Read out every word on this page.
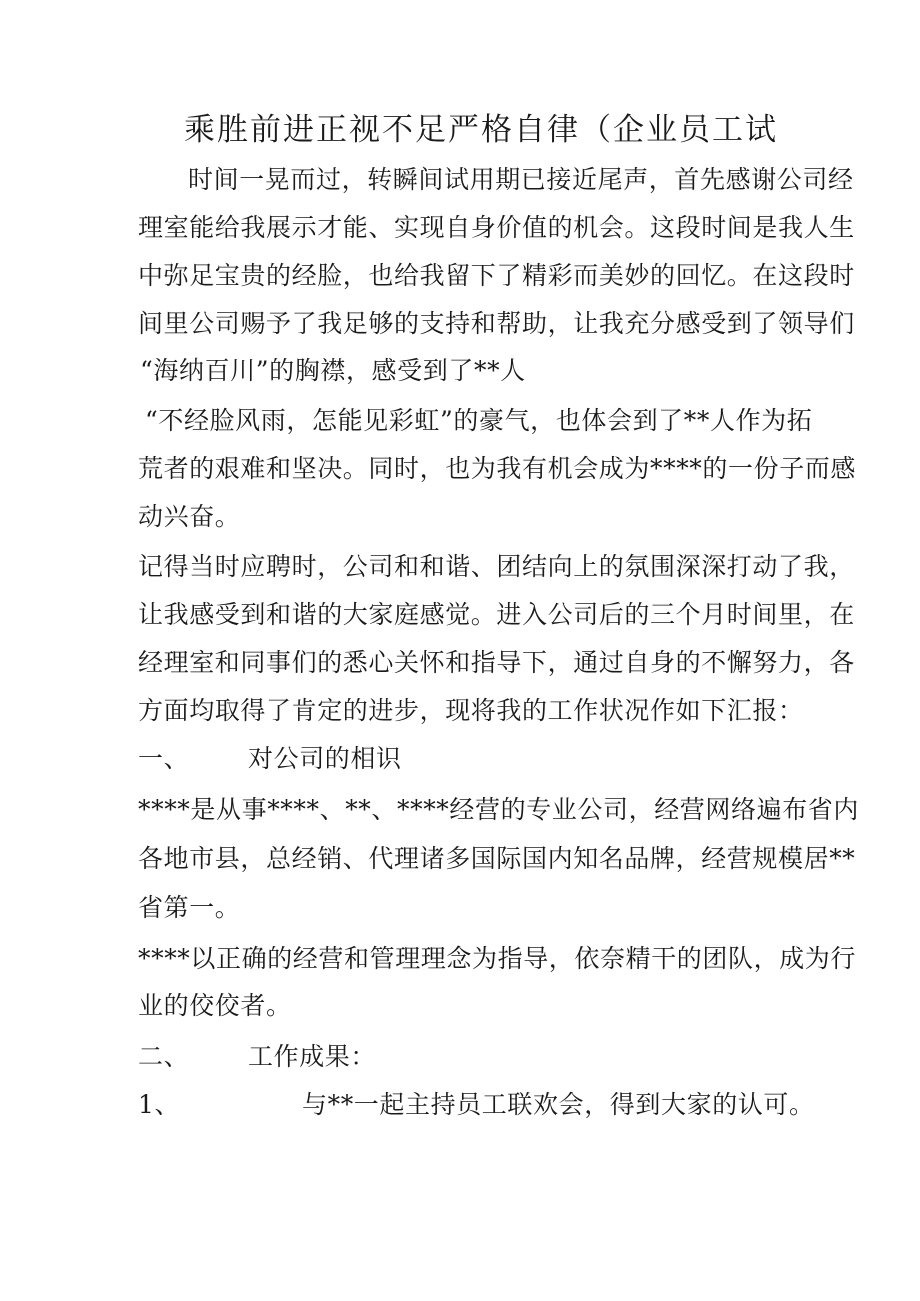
乘胜前进正视不足严格自律（企业员工试
时间一晃而过，转瞬间试用期已接近尾声，首先感谢公司经
理室能给我展示才能、实现自身价值的机会。这段时间是我人生
中弥足宝贵的经脸，也给我留下了精彩而美妙的回忆。在这段时
间里公司赐予了我足够的支持和帮助，让我充分感受到了领导们
“海纳百川”的胸襟，感受到了**人
“不经脸风雨，怎能见彩虹”的豪气，也体会到了**人作为拓
荒者的艰难和坚决。同时，也为我有机会成为****的一份子而感
动兴奋。
记得当时应聘时，公司和和谐、团结向上的氛围深深打动了我，
让我感受到和谐的大家庭感觉。进入公司后的三个月时间里，在
经理室和同事们的悉心关怀和指导下，通过自身的不懈努力，各
方面均取得了肯定的进步，现将我的工作状况作如下汇报：
一、 对公司的相识
****是从事****、**、****经营的专业公司，经营网络遍布省内
各地市县，总经销、代理诸多国际国内知名品牌，经营规模居**
省第一。
****以正确的经营和管理理念为指导，依奈精干的团队，成为行
业的佼佼者。
二、 工作成果：
1、	与**一起主持员工联欢会，得到大家的认可。
